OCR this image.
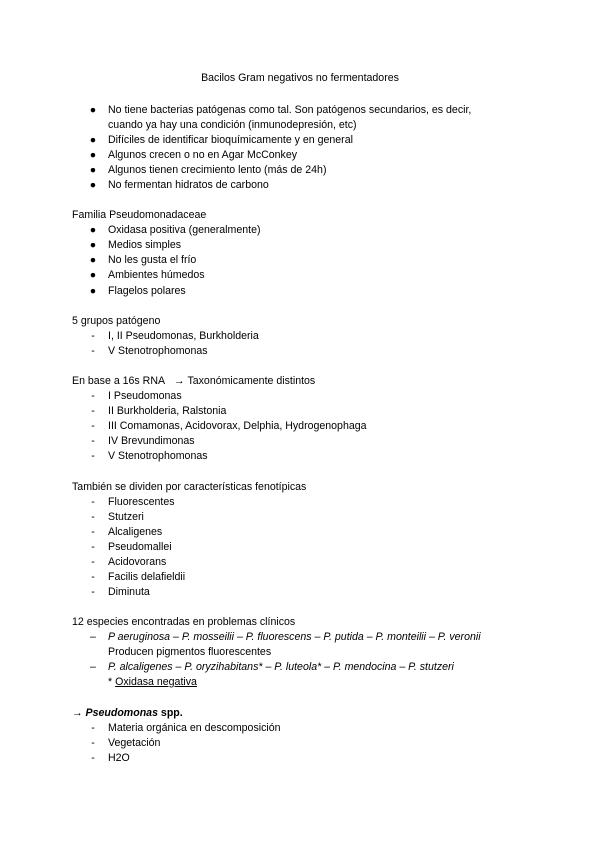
Bacilos Gram negativos no fermentadores
●	No tiene bacterias patógenas como tal. Son patógenos secundarios, es decir,
cuando ya hay una condición (inmunodepresión, etc)
●	Difíciles de identificar bioquímicamente y en general
●	Algunos crecen o no en Agar McConkey
●	Algunos tienen crecimiento lento (más de 24h)
●	No fermentan hidratos de carbono
Familia Pseudomonadaceae
●	Oxidasa positiva (generalmente)
●	Medios simples
●	No les gusta el frío
●	Ambientes húmedos
●	Flagelos polares
5 grupos patógeno
-	I, II Pseudomonas, Burkholderia
-	V Stenotrophomonas
En base a 16s RNA → Taxonómicamente distintos
-	I Pseudomonas
-	II Burkholderia, Ralstonia
-	III Comamonas, Acidovorax, Delphia, Hydrogenophaga
-	IV Brevundimonas
-	V Stenotrophomonas
También se dividen por características fenotípicas
-	Fluorescentes
-	Stutzeri
-	Alcaligenes
-	Pseudomallei
-	Acidovorans
-	Facilis delafieldii
-	Diminuta
12 especies encontradas en problemas clínicos
–	P aeruginosa – P. mosseilii – P. fluorescens – P. putida – P. monteilii – P. veronii
Producen pigmentos fluorescentes
–	P. alcaligenes – P. oryzihabitans* – P. luteola* – P. mendocina – P. stutzeri
* Oxidasa negativa
→ Pseudomonas spp.
-	Materia orgánica en descomposición
-	Vegetación
-	H2O
